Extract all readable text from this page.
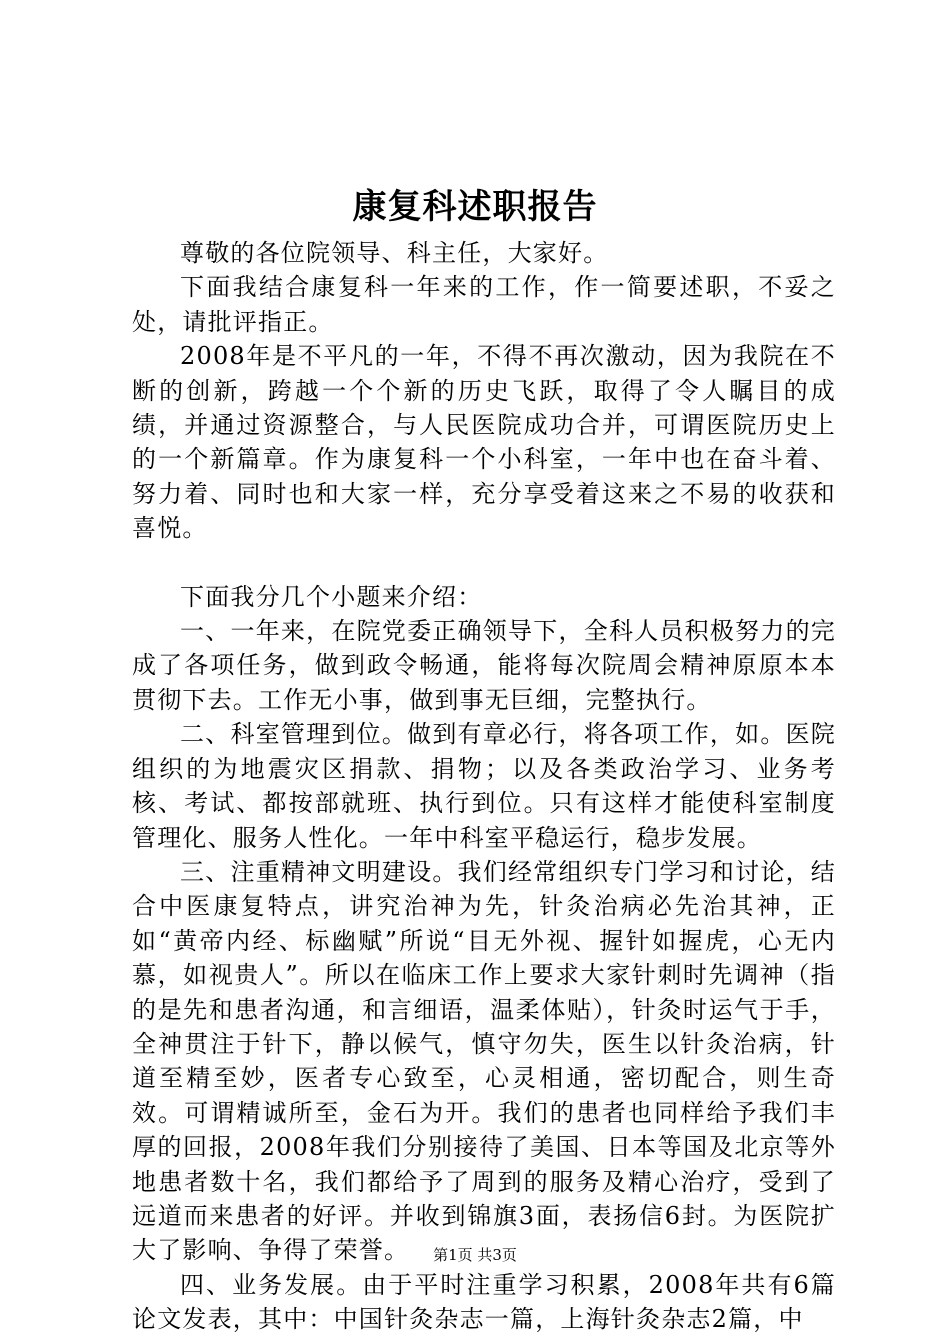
康复科述职报告

尊敬的各位院领导、科主任，大家好。

下面我结合康复科一年来的工作，作一简要述职，不妥之处，请批评指正。

2008年是不平凡的一年，不得不再次激动，因为我院在不断的创新，跨越一个个新的历史飞跃，取得了令人瞩目的成绩，并通过资源整合，与人民医院成功合并，可谓医院历史上的一个新篇章。作为康复科一个小科室，一年中也在奋斗着、努力着、同时也和大家一样，充分享受着这来之不易的收获和喜悦。

下面我分几个小题来介绍：

一、一年来，在院党委正确领导下，全科人员积极努力的完成了各项任务，做到政令畅通，能将每次院周会精神原原本本贯彻下去。工作无小事，做到事无巨细，完整执行。

二、科室管理到位。做到有章必行，将各项工作，如。医院组织的为地震灾区捐款、捐物；以及各类政治学习、业务考核、考试、都按部就班、执行到位。只有这样才能使科室制度管理化、服务人性化。一年中科室平稳运行，稳步发展。

三、注重精神文明建设。我们经常组织专门学习和讨论，结合中医康复特点，讲究治神为先，针灸治病必先治其神，正如“黄帝内经、标幽赋”所说“目无外视、握针如握虎，心无内慕，如视贵人”。所以在临床工作上要求大家针刺时先调神（指的是先和患者沟通，和言细语，温柔体贴），针灸时运气于手，全神贯注于针下，静以候气，慎守勿失，医生以针灸治病，针道至精至妙，医者专心致至，心灵相通，密切配合，则生奇效。可谓精诚所至，金石为开。我们的患者也同样给予我们丰厚的回报，2008年我们分别接待了美国、日本等国及北京等外地患者数十名，我们都给予了周到的服务及精心治疗，受到了远道而来患者的好评。并收到锦旗3面，表扬信6封。为医院扩大了影响、争得了荣誉。

四、业务发展。由于平时注重学习积累，2008年共有6篇论文发表，其中：中国针灸杂志一篇，上海针灸杂志2篇，中

第1页 共3页
